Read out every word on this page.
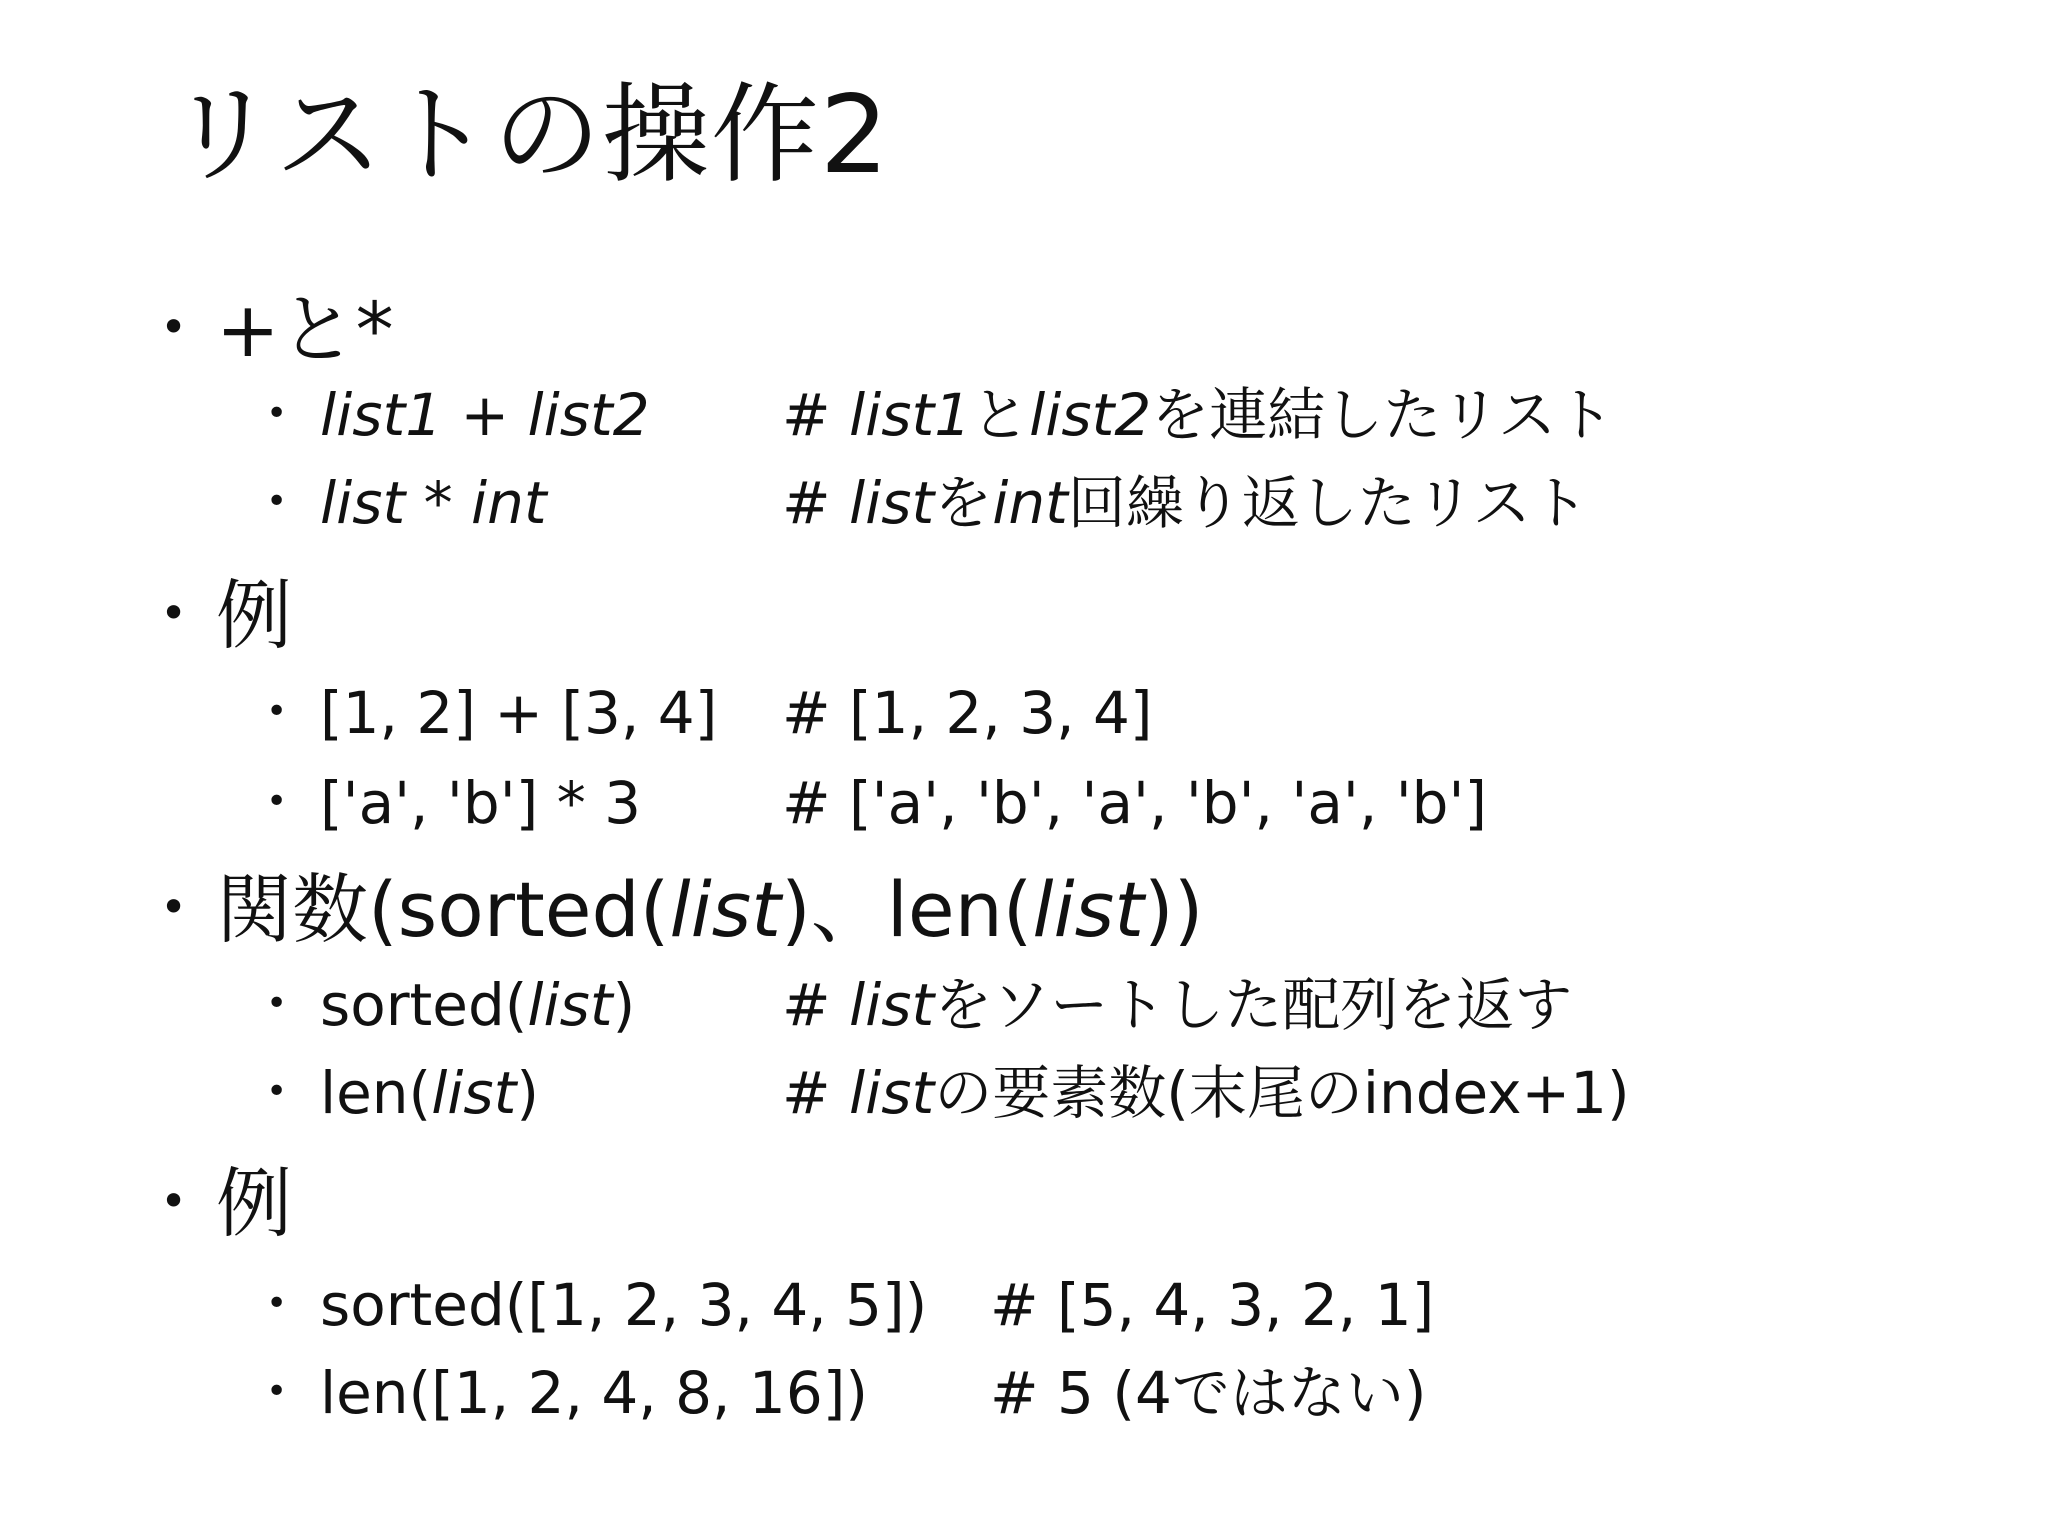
リストの操作2
• +と*
• list1 + list2 # list1とlist2を連結したリスト
• list * int	# listをint回繰り返したリスト
• 例
• [1, 2] + [3, 4] # [1, 2, 3, 4]
• ['a', 'b'] * 3 # ['a', 'b', 'a', 'b', 'a', 'b']
• 関数(sorted(list)、len(list))
• sorted(list)	# listをソートした配列を返す
• len(list)	# listの要素数(末尾のindex+1)
• 例
• sorted([1, 2, 3, 4, 5]) # [5, 4, 3, 2, 1]
• len([1, 2, 4, 8, 16]) # 5 (4ではない)
